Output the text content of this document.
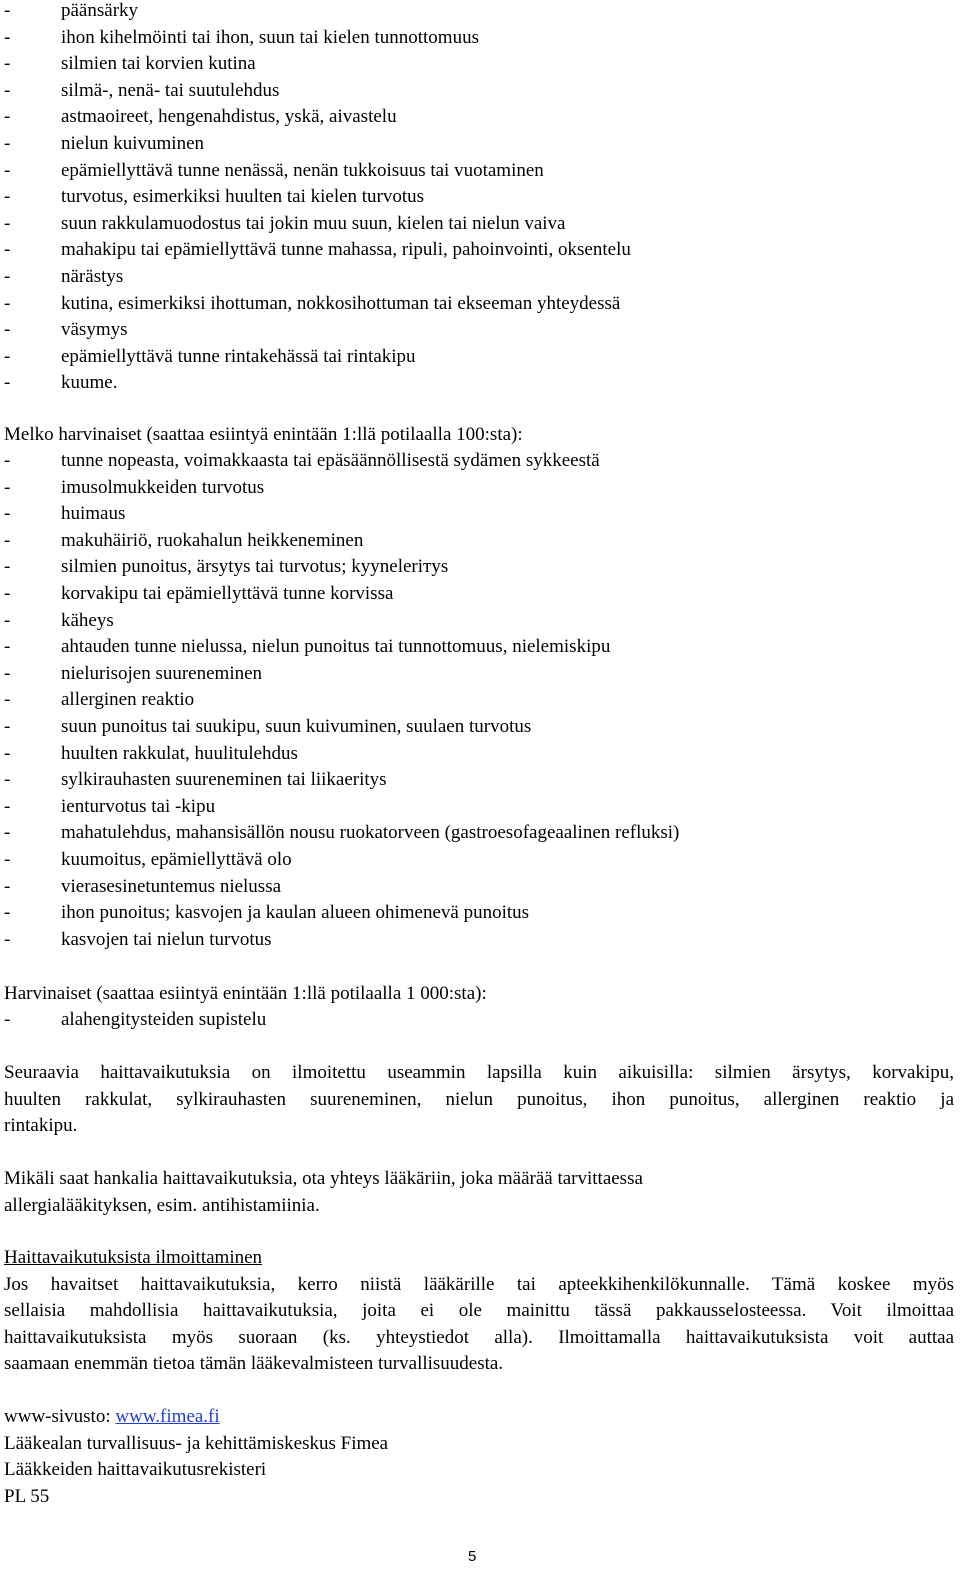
-	päänsärky
-	ihon kihelmöinti tai ihon, suun tai kielen tunnottomuus
-	silmien tai korvien kutina
-	silmä-, nenä- tai suutulehdus
-	astmaoireet, hengenahdistus, yskä, aivastelu
-	nielun kuivuminen
-	epämiellyttävä tunne nenässä, nenän tukkoisuus tai vuotaminen
-	turvotus, esimerkiksi huulten tai kielen turvotus
-	suun rakkulamuodostus tai jokin muu suun, kielen tai nielun vaiva
-	mahakipu tai epämiellyttävä tunne mahassa, ripuli, pahoinvointi, oksentelu
-	närästys
-	kutina, esimerkiksi ihottuman, nokkosihottuman tai ekseeman yhteydessä
-	väsymys
-	epämiellyttävä tunne rintakehässä tai rintakipu
-	kuume.
Melko harvinaiset (saattaa esiintyä enintään 1:llä potilaalla 100:sta):
-	tunne nopeasta, voimakkaasta tai epäsäännöllisestä sydämen sykkeestä
-	imusolmukkeiden turvotus
-	huimaus
-	makuhäiriö, ruokahalun heikkeneminen
-	silmien punoitus, ärsytys tai turvotus; kyynelerітys
-	korvakipu tai epämiellyttävä tunne korvissa
-	käheys
-	ahtauden tunne nielussa, nielun punoitus tai tunnottomuus, nielemiskipu
-	nielurisojen suureneminen
-	allerginen reaktio
-	suun punoitus tai suukipu, suun kuivuminen, suulaen turvotus
-	huulten rakkulat, huulitulehdus
-	sylkirauhasten suureneminen tai liikaeritys
-	ienturvotus tai -kipu
-	mahatulehdus, mahansisällön nousu ruokatorveen (gastroesofageaalinen refluksi)
-	kuumoitus, epämiellyttävä olo
-	vierasesinetuntemus nielussa
-	ihon punoitus; kasvojen ja kaulan alueen ohimenevä punoitus
-	kasvojen tai nielun turvotus
Harvinaiset (saattaa esiintyä enintään 1:llä potilaalla 1 000:sta):
-	alahengitysteiden supistelu
Seuraavia haittavaikutuksia on ilmoitettu useammin lapsilla kuin aikuisilla: silmien ärsytys, korvakipu,
huulten rakkulat, sylkirauhasten suureneminen, nielun punoitus, ihon punoitus, allerginen reaktio ja
rintakipu.
Mikäli saat hankalia haittavaikutuksia, ota yhteys lääkäriin, joka määrää tarvittaessa
allergialääkityksen, esim. antihistamiinia.
Haittavaikutuksista ilmoittaminen
Jos havaitset haittavaikutuksia, kerro niistä lääkärille tai apteekkihenkilökunnalle. Tämä koskee myös
sellaisia mahdollisia haittavaikutuksia, joita ei ole mainittu tässä pakkausselosteessa. Voit ilmoittaa
haittavaikutuksista myös suoraan (ks. yhteystiedot alla). Ilmoittamalla haittavaikutuksista voit auttaa
saamaan enemmän tietoa tämän lääkevalmisteen turvallisuudesta.
www-sivusto: www.fimea.fi
Lääkealan turvallisuus- ja kehittämiskeskus Fimea
Lääkkeiden haittavaikutusrekisteri
PL 55
5
